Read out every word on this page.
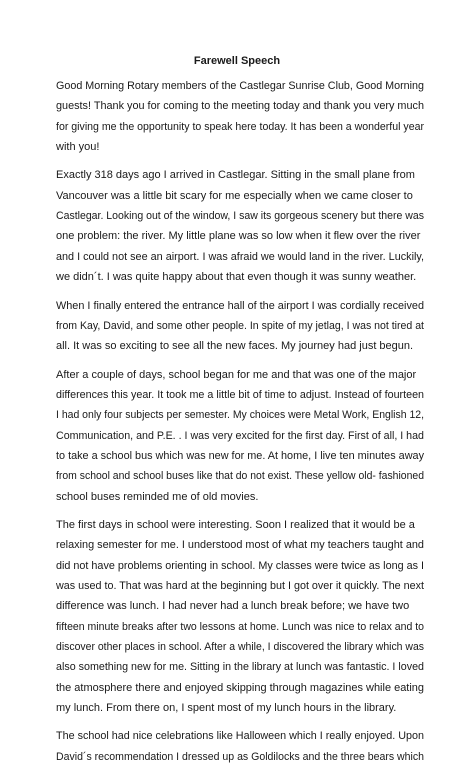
Farewell Speech

Good Morning Rotary members of the Castlegar Sunrise Club, Good Morning
guests! Thank you for coming to the meeting today and thank you very much
for giving me the opportunity to speak here today. It has been a wonderful year
with you!

Exactly 318 days ago I arrived in Castlegar. Sitting in the small plane from
Vancouver was a little bit scary for me especially when we came closer to
Castlegar. Looking out of the window, I saw its gorgeous scenery but there was
one problem: the river. My little plane was so low when it flew over the river
and I could not see an airport. I was afraid we would land in the river. Luckily,
we didn´t. I was quite happy about that even though it was sunny weather.

When I finally entered the entrance hall of the airport I was cordially received
from Kay, David, and some other people. In spite of my jetlag, I was not tired at
all. It was so exciting to see all the new faces. My journey had just begun.

After a couple of days, school began for me and that was one of the major
differences this year. It took me a little bit of time to adjust. Instead of fourteen
I had only four subjects per semester. My choices were Metal Work, English 12,
Communication, and P.E. . I was very excited for the first day. First of all, I had
to take a school bus which was new for me. At home, I live ten minutes away
from school and school buses like that do not exist. These yellow old- fashioned
school buses reminded me of old movies.

The first days in school were interesting. Soon I realized that it would be a
relaxing semester for me. I understood most of what my teachers taught and
did not have problems orienting in school. My classes were twice as long as I
was used to. That was hard at the beginning but I got over it quickly. The next
difference was lunch. I had never had a lunch break before; we have two
fifteen minute breaks after two lessons at home. Lunch was nice to relax and to
discover other places in school. After a while, I discovered the library which was
also something new for me. Sitting in the library at lunch was fantastic. I loved
the atmosphere there and enjoyed skipping through magazines while eating
my lunch. From there on, I spent most of my lunch hours in the library.

The school had nice celebrations like Halloween which I really enjoyed. Upon
David´s recommendation I dressed up as Goldilocks and the three bears which
